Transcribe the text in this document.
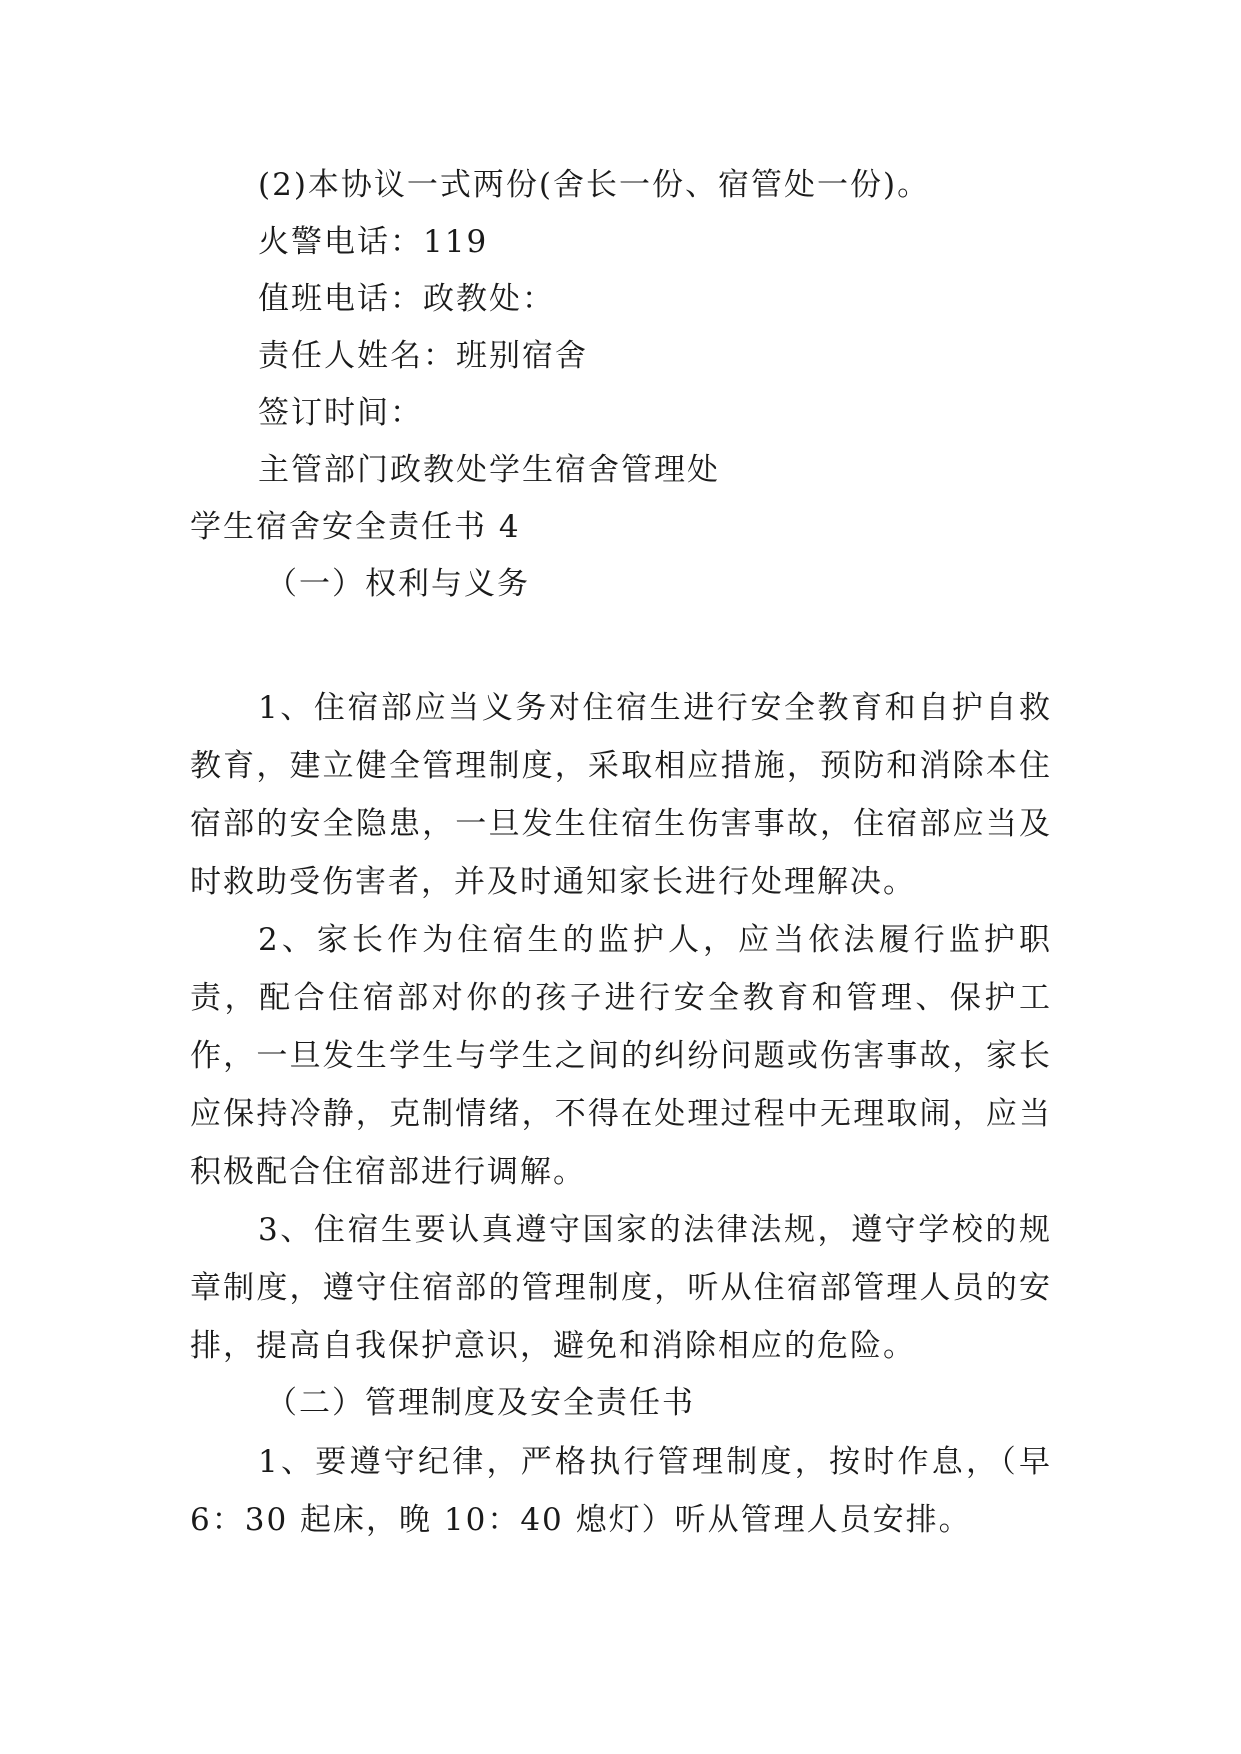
(2)本协议一式两份(舍长一份、宿管处一份)。
火警电话：119
值班电话：政教处：
责任人姓名：班别宿舍
签订时间：
主管部门政教处学生宿舍管理处
学生宿舍安全责任书 4
（一）权利与义务
1、住宿部应当义务对住宿生进行安全教育和自护自救教育，建立健全管理制度，采取相应措施，预防和消除本住宿部的安全隐患，一旦发生住宿生伤害事故，住宿部应当及时救助受伤害者，并及时通知家长进行处理解决。
2、家长作为住宿生的监护人，应当依法履行监护职责，配合住宿部对你的孩子进行安全教育和管理、保护工作，一旦发生学生与学生之间的纠纷问题或伤害事故，家长应保持冷静，克制情绪，不得在处理过程中无理取闹，应当积极配合住宿部进行调解。
3、住宿生要认真遵守国家的法律法规，遵守学校的规章制度，遵守住宿部的管理制度，听从住宿部管理人员的安排，提高自我保护意识，避免和消除相应的危险。
（二）管理制度及安全责任书
1、要遵守纪律，严格执行管理制度，按时作息，（早 6：30 起床，晚 10：40 熄灯）听从管理人员安排。
